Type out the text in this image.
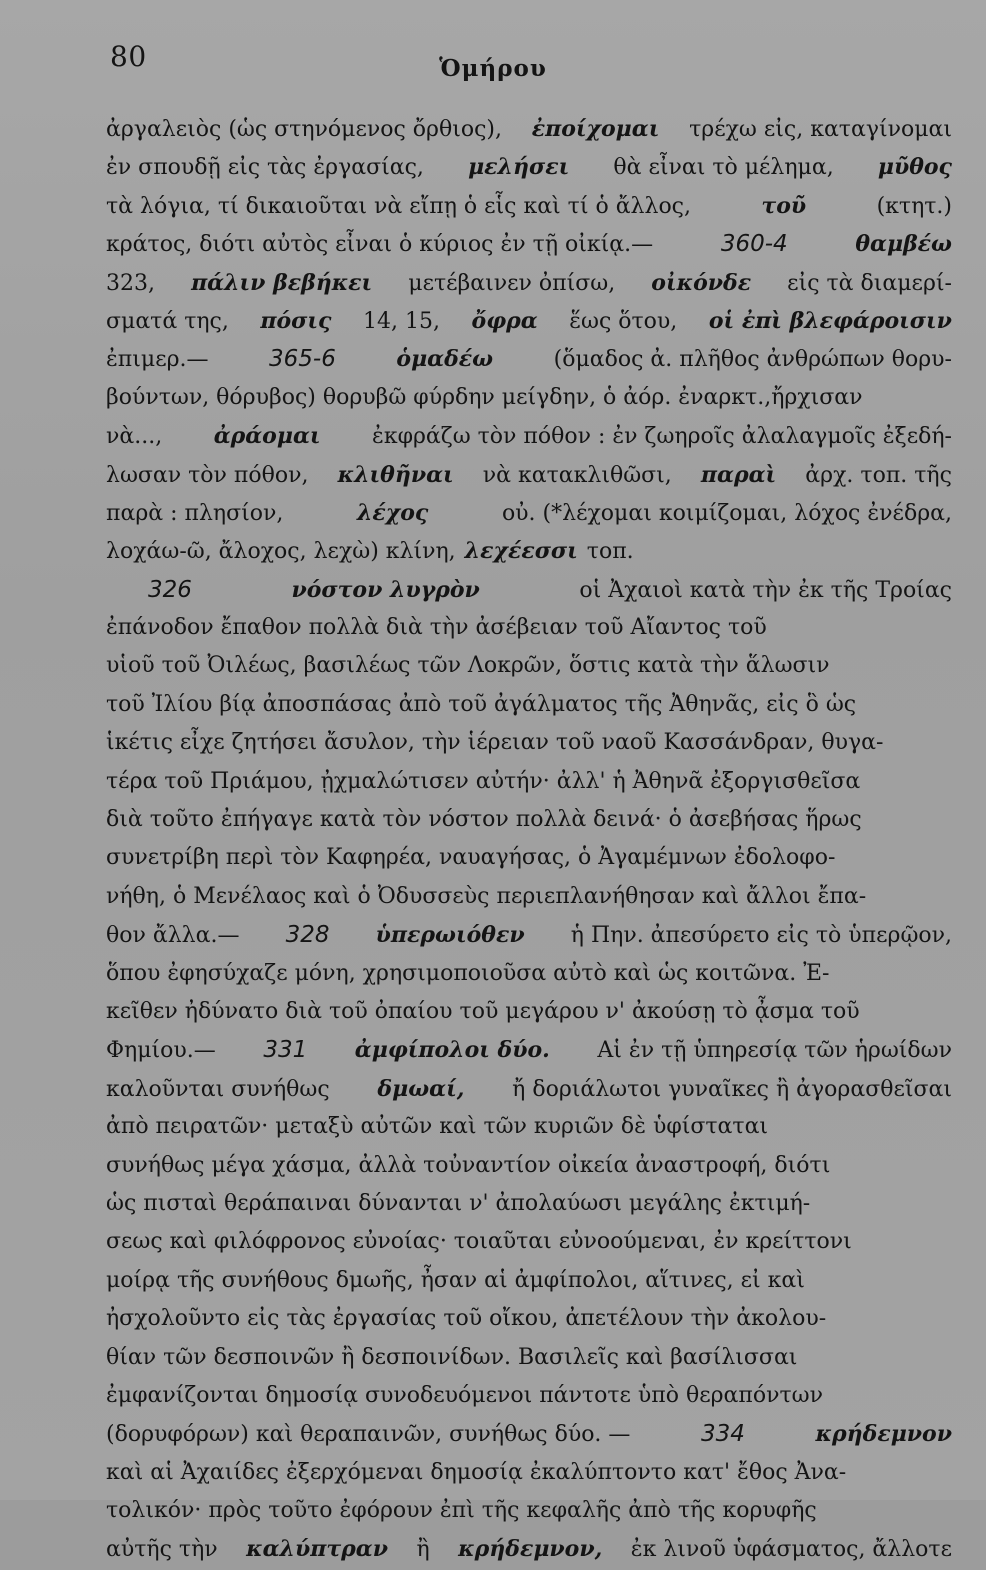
80	Ὁμήρου
ἀργαλειὸς (ὡς στηνόμενος ὄρθιος), ἐποίχομαι τρέχω εἰς, καταγίνομαι
ἐν σπουδῇ εἰς τὰς ἐργασίας, μελήσει θὰ εἶναι τὸ μέλημα, μῦθος
τὰ λόγια, τί δικαιοῦται νὰ εἴπῃ ὁ εἷς καὶ τί ὁ ἄλλος,	τοῦ	(κτητ.)
κράτος, διότι αὐτὸς εἶναι ὁ κύριος ἐν τῇ οἰκίᾳ.—	360-4	θαμβέω
323, πάλιν βεβήκει μετέβαινεν ὀπίσω, οἰκόνδε εἰς τὰ διαμερί-
σματά της, πόσις 14, 15, ὄφρα ἕως ὅτου, οἱ ἐπὶ βλεφάροισιν
ἐπιμερ.—	365-6	ὁμαδέω	(ὅμαδος ἀ. πλῆθος ἀνθρώπων θορυ-
βούντων, θόρυβος) θορυβῶ φύρδην μείγδην, ὁ ἀόρ. ἐναρκτ.,ἤρχισαν
νὰ..., ἀράομαι ἐκφράζω τὸν πόθον : ἐν ζωηροῖς ἀλαλαγμοῖς ἐξεδή-
λωσαν τὸν πόθον, κλιθῆναι νὰ κατακλιθῶσι, παραὶ ἀρχ. τοπ. τῆς
παρὰ : πλησίον,	λέχος	οὐ. (*λέχομαι κοιμίζομαι, λόχος ἐνέδρα,
λοχάω-ῶ, ἄλοχος, λεχὼ) κλίνη, λεχέεσσι τοπ.
326	νόστον λυγρὸν	οἱ Ἀχαιοὶ κατὰ τὴν ἐκ τῆς Τροίας
ἐπάνοδον ἔπαθον πολλὰ διὰ τὴν ἀσέβειαν τοῦ Αἴαντος τοῦ
υἱοῦ τοῦ Ὀιλέως, βασιλέως τῶν Λοκρῶν, ὅστις κατὰ τὴν ἅλωσιν
τοῦ Ἰλίου βίᾳ ἀποσπάσας ἀπὸ τοῦ ἀγάλματος τῆς Ἀθηνᾶς, εἰς ὃ ὡς
ἱκέτις εἶχε ζητήσει ἄσυλον, τὴν ἱέρειαν τοῦ ναοῦ Κασσάνδραν, θυγα-
τέρα τοῦ Πριάμου, ᾐχμαλώτισεν αὐτήν· ἀλλ' ἡ Ἀθηνᾶ ἐξοργισθεῖσα
διὰ τοῦτο ἐπήγαγε κατὰ τὸν νόστον πολλὰ δεινά· ὁ ἀσεβήσας ἥρως
συνετρίβη περὶ τὸν Καφηρέα, ναυαγήσας, ὁ Ἀγαμέμνων ἐδολοφο-
νήθη, ὁ Μενέλαος καὶ ὁ Ὀδυσσεὺς περιεπλανήθησαν καὶ ἄλλοι ἔπα-
θον ἄλλα.— 328 ὑπερωιόθεν ἡ Πην. ἀπεσύρετο εἰς τὸ ὑπερῷον,
ὅπου ἐφησύχαζε μόνη, χρησιμοποιοῦσα αὐτὸ καὶ ὡς κοιτῶνα. Ἐ-
κεῖθεν ἠδύνατο διὰ τοῦ ὀπαίου τοῦ μεγάρου ν' ἀκούσῃ τὸ ᾆσμα τοῦ
Φημίου.— 331 ἀμφίπολοι δύο. Αἱ ἐν τῇ ὑπηρεσίᾳ τῶν ἡρωίδων
καλοῦνται συνήθως δμωαί, ἤ δοριάλωτοι γυναῖκες ἢ ἀγορασθεῖσαι
ἀπὸ πειρατῶν· μεταξὺ αὐτῶν καὶ τῶν κυριῶν δὲ ὑφίσταται
συνήθως μέγα χάσμα, ἀλλὰ τοὐναντίον οἰκεία ἀναστροφή, διότι
ὡς πισταὶ θεράπαιναι δύνανται ν' ἀπολαύωσι μεγάλης ἐκτιμή-
σεως καὶ φιλόφρονος εὐνοίας· τοιαῦται εὐνοούμεναι, ἐν κρείττονι
μοίρᾳ τῆς συνήθους δμωῆς, ἦσαν αἱ ἀμφίπολοι, αἵτινες, εἰ καὶ
ἠσχολοῦντο εἰς τὰς ἐργασίας τοῦ οἴκου, ἀπετέλουν τὴν ἀκολου-
θίαν τῶν δεσποινῶν ἢ δεσποινίδων. Βασιλεῖς καὶ βασίλισσαι
ἐμφανίζονται δημοσίᾳ συνοδευόμενοι πάντοτε ὑπὸ θεραπόντων
(δορυφόρων) καὶ θεραπαινῶν, συνήθως δύο. —	334	κρήδεμνον
καὶ αἱ Ἀχαιίδες ἐξερχόμεναι δημοσίᾳ ἐκαλύπτοντο κατ' ἔθος Ἀνα-
τολικόν· πρὸς τοῦτο ἐφόρουν ἐπὶ τῆς κεφαλῆς ἀπὸ τῆς κορυφῆς
αὐτῆς τὴν καλύπτραν ἢ κρήδεμνον, ἐκ λινοῦ ὑφάσματος, ἄλλοτε
